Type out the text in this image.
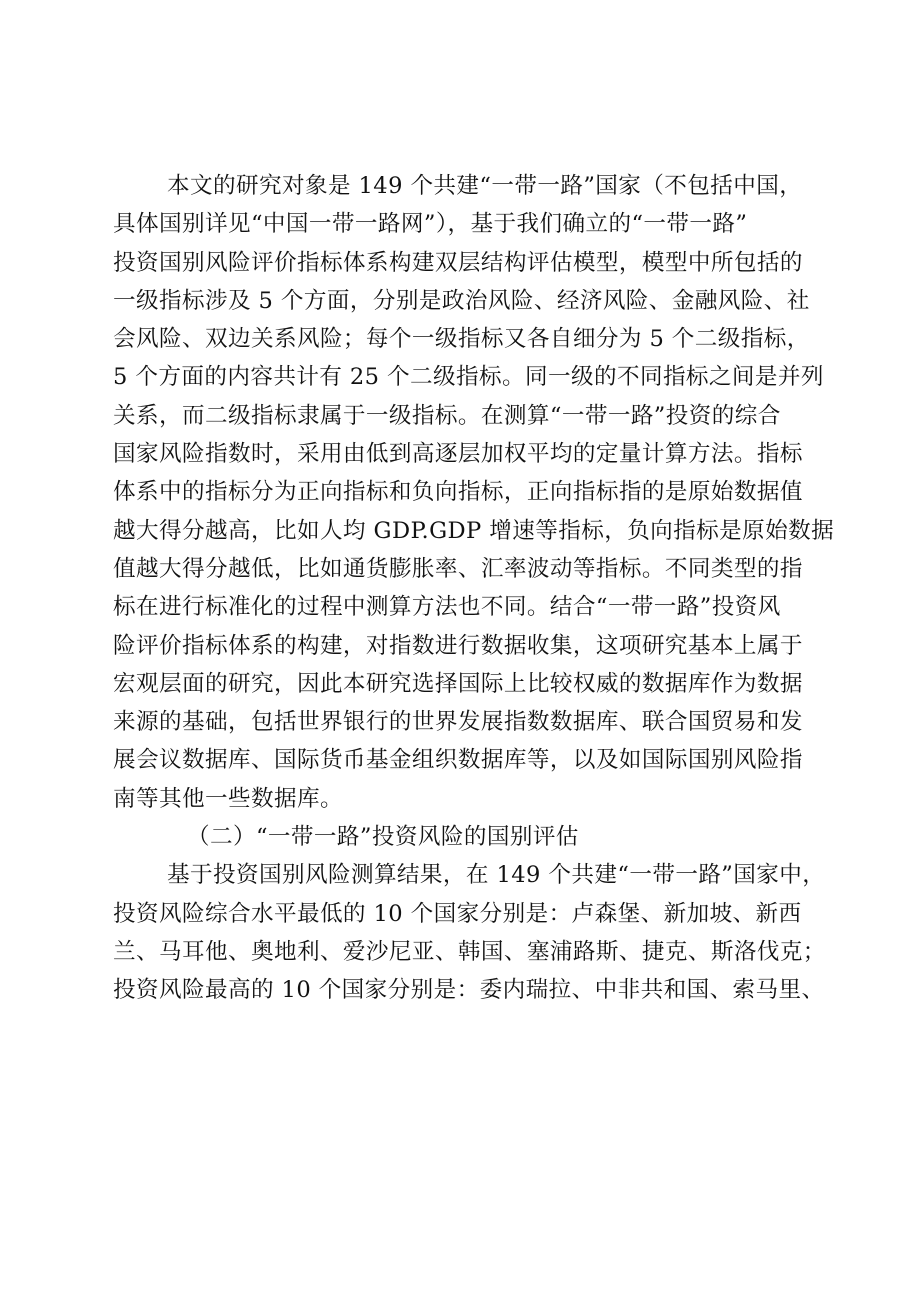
本文的研究对象是 149 个共建“一带一路”国家（不包括中国，
具体国别详见“中国一带一路网”），基于我们确立的“一带一路”
投资国别风险评价指标体系构建双层结构评估模型，模型中所包括的
一级指标涉及 5 个方面，分别是政治风险、经济风险、金融风险、社
会风险、双边关系风险；每个一级指标又各自细分为 5 个二级指标，
5 个方面的内容共计有 25 个二级指标。同一级的不同指标之间是并列
关系，而二级指标隶属于一级指标。在测算“一带一路”投资的综合
国家风险指数时，采用由低到高逐层加权平均的定量计算方法。指标
体系中的指标分为正向指标和负向指标，正向指标指的是原始数据值
越大得分越高，比如人均 GDP.GDP 增速等指标，负向指标是原始数据
值越大得分越低，比如通货膨胀率、汇率波动等指标。不同类型的指
标在进行标准化的过程中测算方法也不同。结合“一带一路”投资风
险评价指标体系的构建，对指数进行数据收集，这项研究基本上属于
宏观层面的研究，因此本研究选择国际上比较权威的数据库作为数据
来源的基础，包括世界银行的世界发展指数数据库、联合国贸易和发
展会议数据库、国际货币基金组织数据库等，以及如国际国别风险指
南等其他一些数据库。
（二）“一带一路”投资风险的国别评估
基于投资国别风险测算结果，在 149 个共建“一带一路”国家中，
投资风险综合水平最低的 10 个国家分别是：卢森堡、新加坡、新西
兰、马耳他、奥地利、爱沙尼亚、韩国、塞浦路斯、捷克、斯洛伐克；
投资风险最高的 10 个国家分别是：委内瑞拉、中非共和国、索马里、
